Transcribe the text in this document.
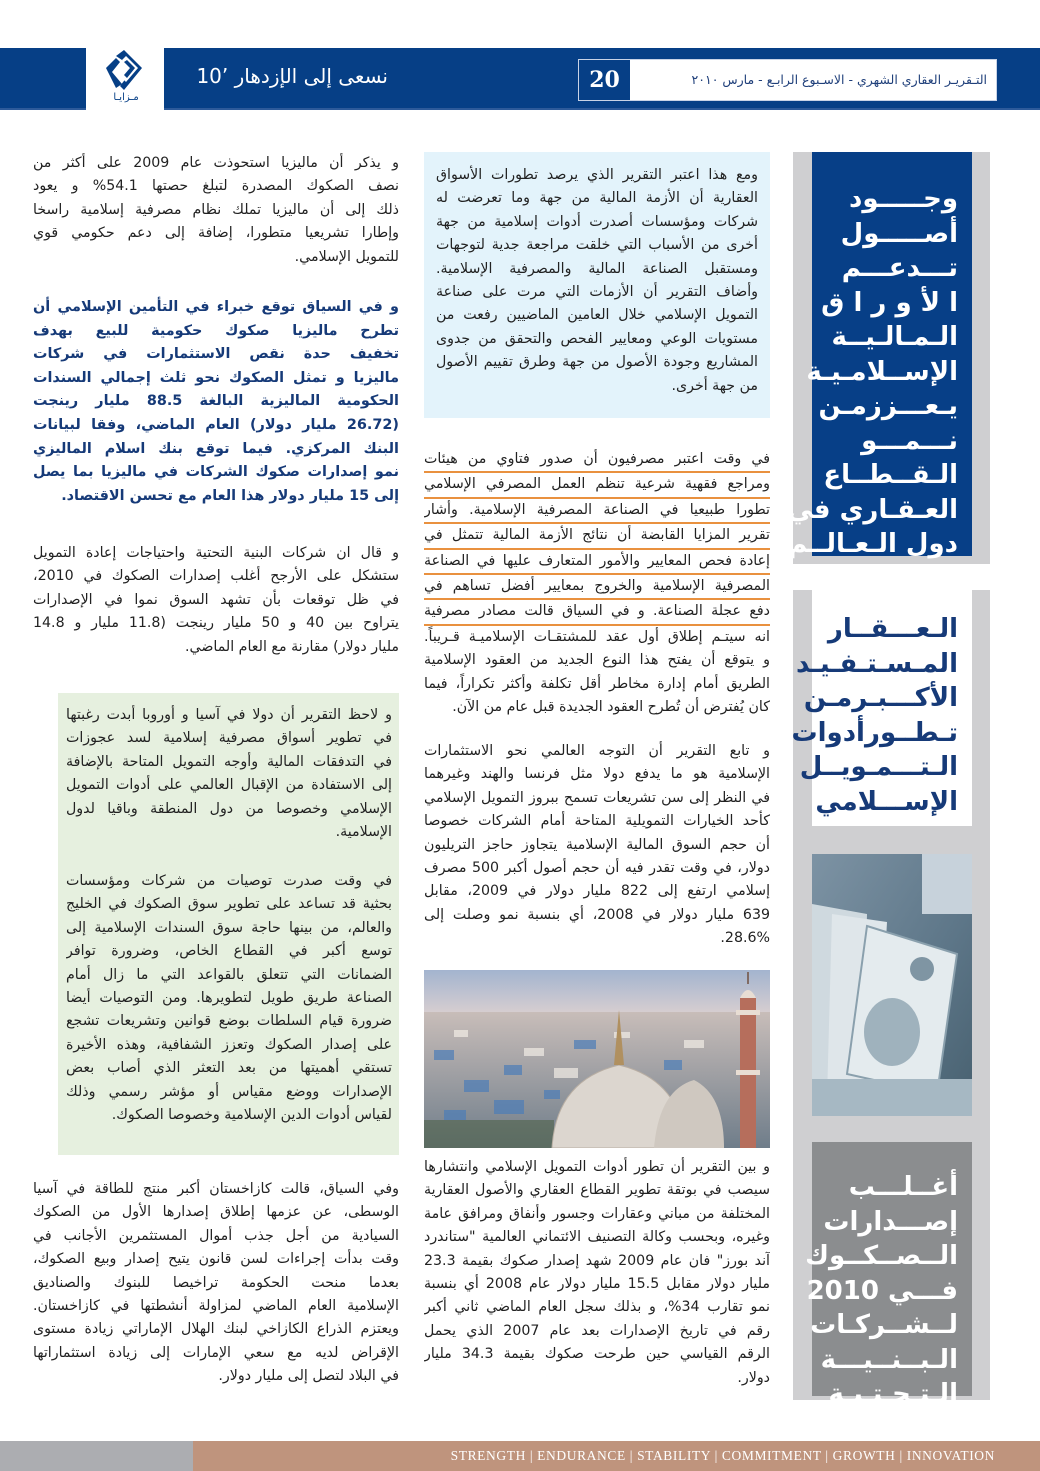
مـزايـا
نسعى إلى الإزدهار ’10	20	التـقريـر العقاري الشهري - الاسـبوع الرابـع - مارس ٢٠١٠
وجـــــود
أصـــــول
تـــدعـــم
ا لأ و ر ا ق
الـمـالـيــة
الإســلامـيـة
يـعـــززمـن
نـــمـــو
الـقــطــاع
العـقـاري في
دول الـعـالــم
الـعـــقــار
المـسـتـفـيـد
الأكـــبـرمـن
تـطــورأدوات
الـتـــمـويــل
الإســـلامي
أغــلـــب
إصـــدارات
الــصــكــوك
فـــي 2010
لــشــركـات
الـبــنــيـــة
الـتـحـتـيـة
ومع هذا اعتبر التقرير الذي يرصد تطورات الأسواق
العقارية أن الأزمة المالية من جهة وما تعرضت له
شركات ومؤسسات أصدرت أدوات إسلامية من جهة
أخرى من الأسباب التي خلقت مراجعة جدية لتوجهات
ومستقبل الصناعة المالية والمصرفية الإسلامية.
وأضاف التقرير أن الأزمات التي مرت على صناعة
التمويل الإسلامي خلال العامين الماضيين رفعت من
مستويات الوعي ومعايير الفحص والتحقق من جدوى
المشاريع وجودة الأصول من جهة وطرق تقييم الأصول
من جهة أخرى.
في وقت اعتبر مصرفيون أن صدور فتاوي من هيئات
ومراجع فقهية شرعية تنظم العمل المصرفي الإسلامي
تطورا طبيعيا في الصناعة المصرفية الإسلامية. وأشار
تقرير المزايا القابضة أن نتائج الأزمة المالية تتمثل في
إعادة فحص المعايير والأمور المتعارف عليها في الصناعة
المصرفية الإسلامية والخروج بمعايير أفضل تساهم في
دفع عجلة الصناعة. و في السياق قالت مصادر مصرفية
انه سيتـم إطلاق أول عقد للمشتقـات الإسلاميـة قـريباً.
و يتوقع أن يفتح هذا النوع الجديد من العقود الإسلامية
الطريق أمام إدارة مخاطر أقل تكلفة وأكثر تكراراً، فيما
كان يُفترض أن تُطرح العقود الجديدة قبل عام من الآن.
و تابع التقرير أن التوجه العالمي نحو الاستثمارات
الإسلامية هو ما يدفع دولا مثل فرنسا والهند وغيرهما
في النظر إلى سن تشريعات تسمح ببروز التمويل الإسلامي
كأحد الخيارات التمويلية المتاحة أمام الشركات خصوصا
أن حجم السوق المالية الإسلامية يتجاوز حاجز التريليون
دولار، في وقت تقدر فيه أن حجم أصول أكبر 500 مصرف
إسلامي ارتفع إلى 822 مليار دولار في 2009، مقابل
639 مليار دولار في 2008، أي بنسبة نمو وصلت إلى
28.6%.
و بين التقرير أن تطور أدوات التمويل الإسلامي وانتشارها
سيصب في بوتقة تطوير القطاع العقاري والأصول العقارية
المختلفة من مباني وعقارات وجسور وأنفاق ومرافق عامة
وغيره، وبحسب وكالة التصنيف الائتماني العالمية "ستاندرد
آند بورز" فان عام 2009 شهد إصدار صكوك بقيمة 23.3
مليار دولار مقابل 15.5 مليار دولار عام 2008 أي بنسبة
نمو تقارب 34%، و بذلك سجل العام الماضي ثاني أكبر
رقم في تاريخ الإصدارات بعد عام 2007 الذي يحمل
الرقم القياسي حين طرحت صكوك بقيمة 34.3 مليار
دولار.
و يذكر أن ماليزيا استحوذت عام 2009 على أكثر من
نصف الصكوك المصدرة لتبلغ حصتها 54.1% و يعود
ذلك إلى أن ماليزيا تملك نظام مصرفية إسلامية راسخا
وإطارا تشريعيا متطورا، إضافة إلى دعم حكومي قوي
للتمويل الإسلامي.
و في السياق توقع خبراء في التأمين الإسلامي أن
تطرح ماليزيا صكوك حكومية للبيع بهدف
تخفيف حدة نقص الاستثمارات في شركات
ماليزيا و تمثل الصكوك نحو ثلث إجمالي السندات
الحكومية الماليزية البالغة 88.5 مليار رينجت
(26.72 مليار دولار) العام الماضي، وفقا لبيانات
البنك المركزي. فيما توقع بنك اسلام الماليزي
نمو إصدارات صكوك الشركات في ماليزيا بما يصل
إلى 15 مليار دولار هذا العام مع تحسن الاقتصاد.
و قال ان شركات البنية التحتية واحتياجات إعادة التمويل
ستشكل على الأرجح أغلب إصدارات الصكوك في 2010،
في ظل توقعات بأن تشهد السوق نموا في الإصدارات
يتراوح بين 40 و 50 مليار رينجت (11.8 مليار و 14.8
مليار دولار) مقارنة مع العام الماضي.
و لاحظ التقرير أن دولا في آسيا و أوروبا أبدت رغبتها
في تطوير أسواق مصرفية إسلامية لسد عجوزات
في التدفقات المالية وأوجه التمويل المتاحة بالإضافة
إلى الاستفادة من الإقبال العالمي على أدوات التمويل
الإسلامي وخصوصا من دول المنطقة وباقيا لدول
الإسلامية.
في وقت صدرت توصيات من شركات ومؤسسات
بحثية قد تساعد على تطوير سوق الصكوك في الخليج
والعالم، من بينها حاجة سوق السندات الإسلامية إلى
توسع أكبر في القطاع الخاص، وضرورة توافر
الضمانات التي تتعلق بالقواعد التي ما زال أمام
الصناعة طريق طويل لتطويرها. ومن التوصيات أيضا
ضرورة قيام السلطات بوضع قوانين وتشريعات تشجع
على إصدار الصكوك وتعزز الشفافية، وهذه الأخيرة
تستقي أهميتها من بعد التعثر الذي أصاب بعض
الإصدارات ووضع مقياس أو مؤشر رسمي وذلك
لقياس أدوات الدين الإسلامية وخصوصا الصكوك.
وفي السياق، قالت كازاخستان أكبر منتج للطاقة في آسيا
الوسطى، عن عزمها إطلاق إصدارها الأول من الصكوك
السيادية من أجل جذب أموال المستثمرين الأجانب في
وقت بدأت إجراءات لسن قانون يتيح إصدار وبيع الصكوك،
بعدما منحت الحكومة تراخيصا للبنوك والصناديق
الإسلامية العام الماضي لمزاولة أنشطتها في كازاخستان.
ويعتزم الذراع الكازاخي لبنك الهلال الإماراتي زيادة مستوى
الإقراض لديه مع سعي الإمارات إلى زيادة استثماراتها
في البلاد لتصل إلى مليار دولار.
STRENGTH | ENDURANCE | STABILITY | COMMITMENT | GROWTH | INNOVATION
